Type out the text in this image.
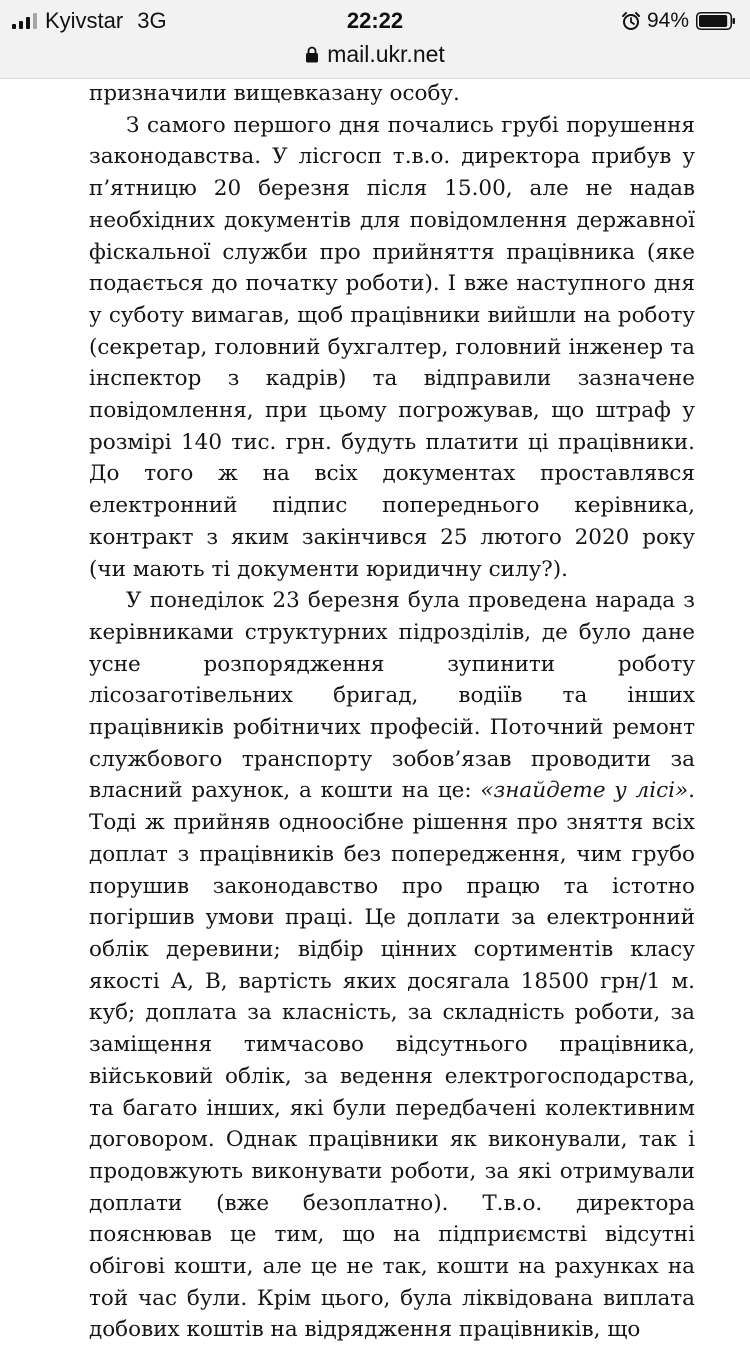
Kyivstar 3G	22:22	94%
mail.ukr.net

призначили вищевказану особу.

З самого першого дня почались грубі порушення законодавства. У лісгосп т.в.о. директора прибув у п’ятницю 20 березня після 15.00, але не надав необхідних документів для повідомлення державної фіскальної служби про прийняття працівника (яке подається до початку роботи). І вже наступного дня у суботу вимагав, щоб працівники вийшли на роботу (секретар, головний бухгалтер, головний інженер та інспектор з кадрів) та відправили зазначене повідомлення, при цьому погрожував, що штраф у розмірі 140 тис. грн. будуть платити ці працівники. До того ж на всіх документах проставлявся електронний підпис попереднього керівника, контракт з яким закінчився 25 лютого 2020 року (чи мають ті документи юридичну силу?).

У понеділок 23 березня була проведена нарада з керівниками структурних підрозділів, де було дане усне розпорядження зупинити роботу лісозаготівельних бригад, водіїв та інших працівників робітничих професій. Поточний ремонт службового транспорту зобов’язав проводити за власний рахунок, а кошти на це: «знайдете у лісі». Тоді ж прийняв одноосібне рішення про зняття всіх доплат з працівників без попередження, чим грубо порушив законодавство про працю та істотно погіршив умови праці. Це доплати за електронний облік деревини; відбір цінних сортиментів класу якості А, В, вартість яких досягала 18500 грн/1 м. куб; доплата за класність, за складність роботи, за заміщення тимчасово відсутнього працівника, військовий облік, за ведення електрогосподарства, та багато інших, які були передбачені колективним договором. Однак працівники як виконували, так і продовжують виконувати роботи, за які отримували доплати (вже безоплатно). Т.в.о. директора пояснював це тим, що на підприємстві відсутні обігові кошти, але це не так, кошти на рахунках на той час були. Крім цього, була ліквідована виплата добових коштів на відрядження працівників, що
